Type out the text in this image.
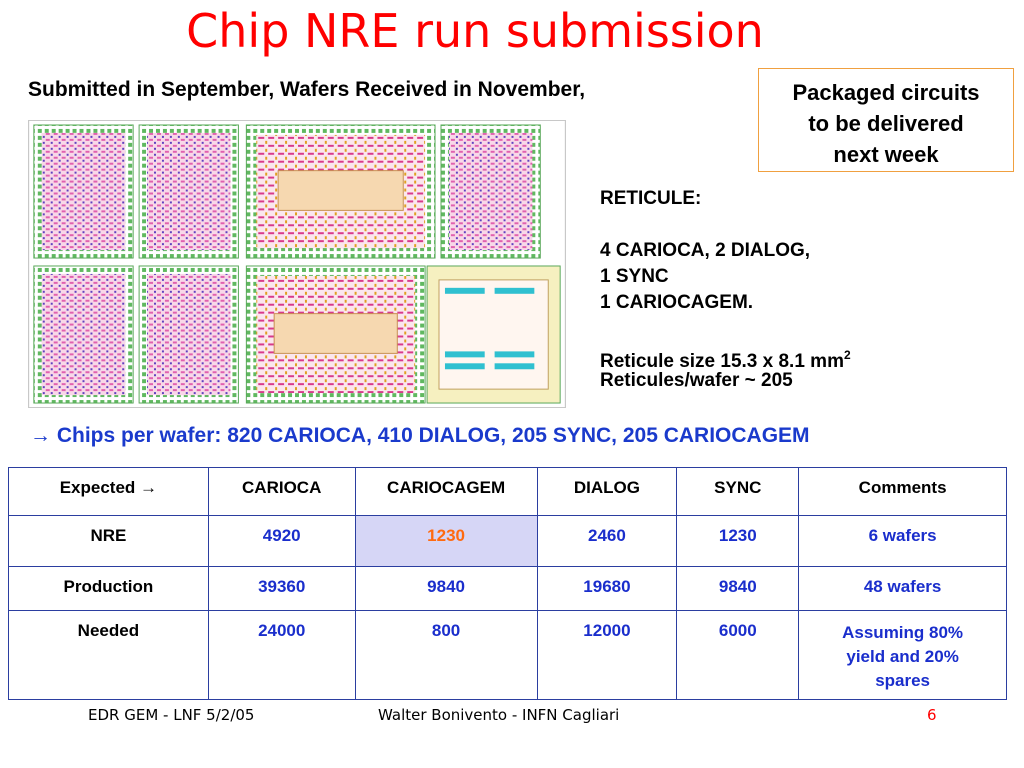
Chip NRE run submission
Submitted in September, Wafers Received in November,	Packaged circuits
to be delivered
next week
RETICULE:
4 CARIOCA, 2 DIALOG,
1 SYNC
1 CARIOCAGEM.
Reticule size 15.3 x 8.1 $mm^2$
Reticules/wafer ~ 205
→ Chips per wafer: 820 CARIOCA, 410 DIALOG, 205 SYNC, 205 CARIOCAGEM
Expected →	CARIOCA	CARIOCAGEM	DIALOG	SYNC	Comments
NRE	4920	1230	2460	1230	6 wafers
Production	39360	9840	19680	9840	48 wafers
Needed	24000	800	12000	6000	Assuming 80%
yield and 20%
spares
EDR GEM - LNF 5/2/05	Walter Bonivento - INFN Cagliari	6
